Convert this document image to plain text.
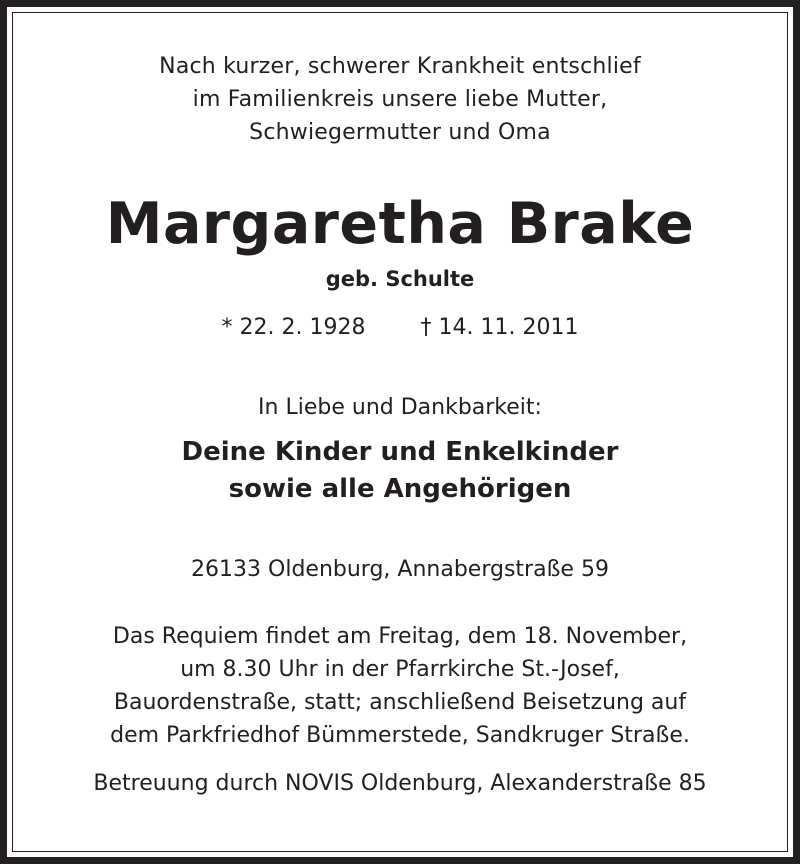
Nach kurzer, schwerer Krankheit entschlief
im Familienkreis unsere liebe Mutter,
Schwiegermutter und Oma
Margaretha Brake
geb. Schulte
* 22. 2. 1928	† 14. 11. 2011
In Liebe und Dankbarkeit:
Deine Kinder und Enkelkinder
sowie alle Angehörigen
26133 Oldenburg, Annabergstraße 59
Das Requiem findet am Freitag, dem 18. November,
um 8.30 Uhr in der Pfarrkirche St.-Josef,
Bauordenstraße, statt; anschließend Beisetzung auf
dem Parkfriedhof Bümmerstede, Sandkruger Straße.
Betreuung durch NOVIS Oldenburg, Alexanderstraße 85
